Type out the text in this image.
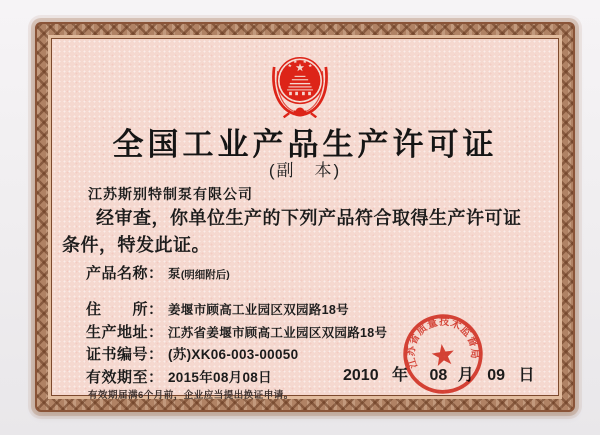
全国工业产品生产许可证
(副　本)
江苏斯别特制泵有限公司
经审查，你单位生产的下列产品符合取得生产许可证
条件，特发此证。
产品名称： 泵 (明细附后)
住　　所： 姜堰市顾高工业园区双园路18号
生产地址： 江苏省姜堰市顾高工业园区双园路18号
证书编号： (苏)XK06-003-00050
有效期至： 2015年08月08日
有效期届满6个月前，企业应当提出换证申请。
2010 年 08 月 09 日
江苏省质量技术监督局
